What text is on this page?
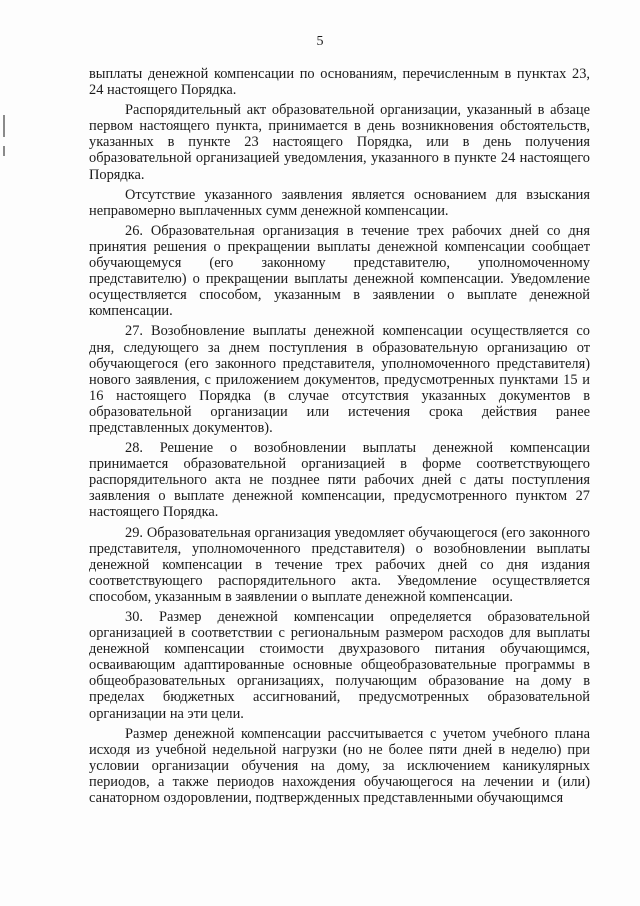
5

выплаты денежной компенсации по основаниям, перечисленным в пунктах 23, 24 настоящего Порядка.

Распорядительный акт образовательной организации, указанный в абзаце первом настоящего пункта, принимается в день возникновения обстоятельств, указанных в пункте 23 настоящего Порядка, или в день получения образовательной организацией уведомления, указанного в пункте 24 настоящего Порядка.

Отсутствие указанного заявления является основанием для взыскания неправомерно выплаченных сумм денежной компенсации.

26. Образовательная организация в течение трех рабочих дней со дня принятия решения о прекращении выплаты денежной компенсации сообщает обучающемуся (его законному представителю, уполномоченному представителю) о прекращении выплаты денежной компенсации. Уведомление осуществляется способом, указанным в заявлении о выплате денежной компенсации.

27. Возобновление выплаты денежной компенсации осуществляется со дня, следующего за днем поступления в образовательную организацию от обучающегося (его законного представителя, уполномоченного представителя) нового заявления, с приложением документов, предусмотренных пунктами 15 и 16 настоящего Порядка (в случае отсутствия указанных документов в образовательной организации или истечения срока действия ранее представленных документов).

28. Решение о возобновлении выплаты денежной компенсации принимается образовательной организацией в форме соответствующего распорядительного акта не позднее пяти рабочих дней с даты поступления заявления о выплате денежной компенсации, предусмотренного пунктом 27 настоящего Порядка.

29. Образовательная организация уведомляет обучающегося (его законного представителя, уполномоченного представителя) о возобновлении выплаты денежной компенсации в течение трех рабочих дней со дня издания соответствующего распорядительного акта. Уведомление осуществляется способом, указанным в заявлении о выплате денежной компенсации.

30. Размер денежной компенсации определяется образовательной организацией в соответствии с региональным размером расходов для выплаты денежной компенсации стоимости двухразового питания обучающимся, осваивающим адаптированные основные общеобразовательные программы в общеобразовательных организациях, получающим образование на дому в пределах бюджетных ассигнований, предусмотренных образовательной организации на эти цели.

Размер денежной компенсации рассчитывается с учетом учебного плана исходя из учебной недельной нагрузки (но не более пяти дней в неделю) при условии организации обучения на дому, за исключением каникулярных периодов, а также периодов нахождения обучающегося на лечении и (или) санаторном оздоровлении, подтвержденных представленными обучающимся
